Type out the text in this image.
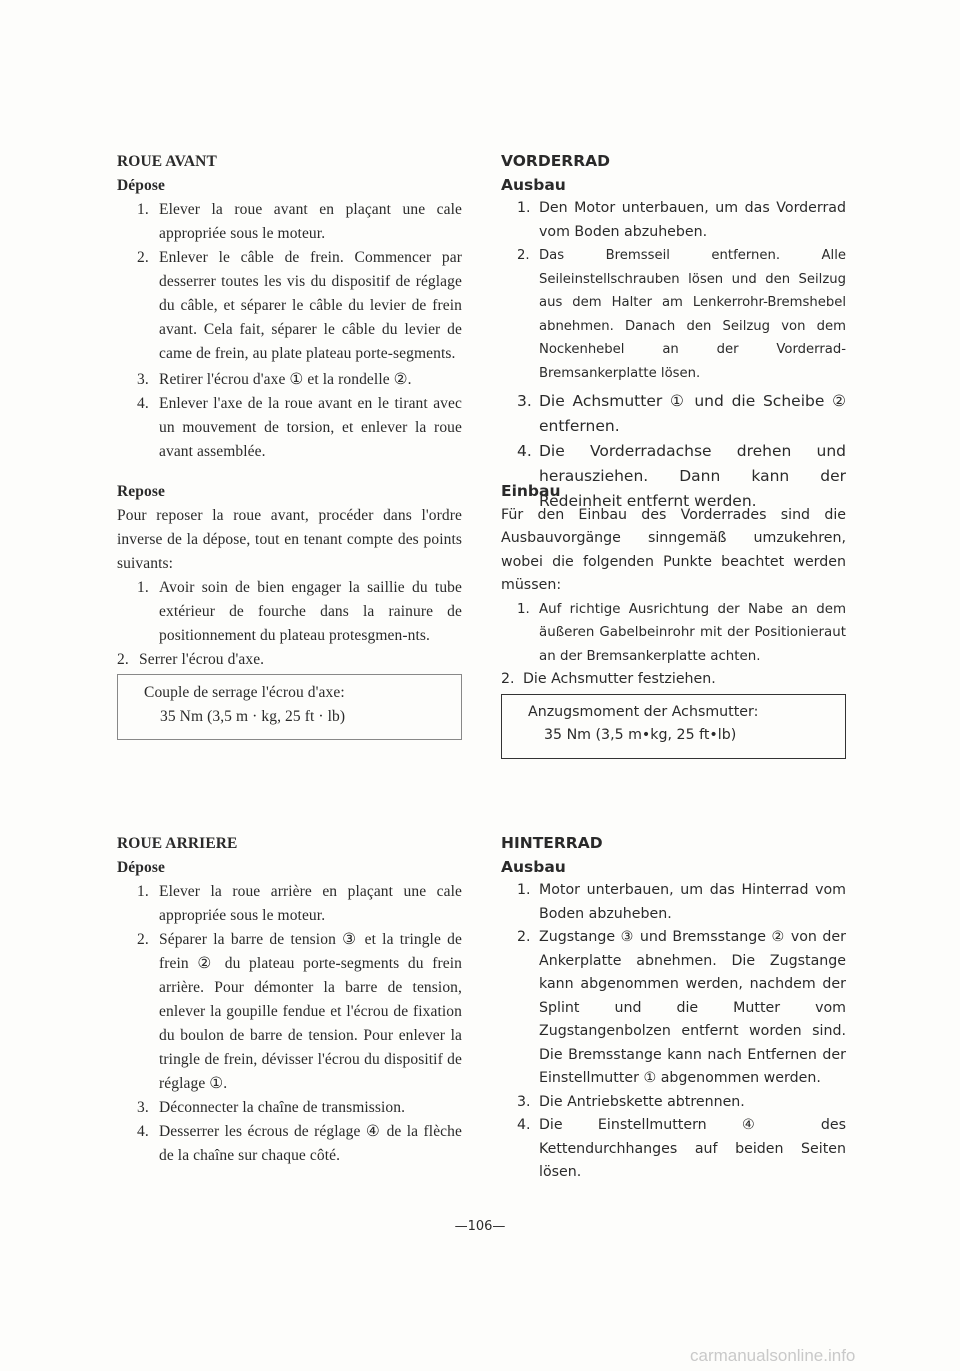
ROUE AVANT

Dépose

1. Elever la roue avant en plaçant une cale appropriée sous le moteur.
2. Enlever le câble de frein. Commencer par desserrer toutes les vis du dispositif de réglage du câble, et séparer le câble du levier de frein avant. Cela fait, séparer le câble du levier de came de frein, au plate plateau porte-segments.
3. Retirer l'écrou d'axe ① et la rondelle ②.
4. Enlever l'axe de la roue avant en le tirant avec un mouvement de torsion, et enlever la roue avant assemblée.

Repose

Pour reposer la roue avant, procéder dans l'ordre inverse de la dépose, tout en tenant compte des points suivants:

1. Avoir soin de bien engager la saillie du tube extérieur de fourche dans la rainure de positionnement du plateau protesgmen-nts.
2. Serrer l'écrou d'axe.
Couple de serrage l'écrou d'axe:
35 Nm (3,5 m · kg, 25 ft · lb)

VORDERRAD

Ausbau

1. Den Motor unterbauen, um das Vorderrad vom Boden abzuheben.
2. Das Bremsseil entfernen. Alle Seileinstellschrauben lösen und den Seilzug aus dem Halter am Lenkerrohr-Bremshebel abnehmen. Danach den Seilzug von dem Nockenhebel an der Vorderrad-Bremsankerplatte lösen.
3. Die Achsmutter ① und die Scheibe ② entfernen.
4. Die Vorderradachse drehen und herausziehen. Dann kann der Redeinheit entfernt werden.

Einbau

Für den Einbau des Vorderrades sind die Ausbauvorgänge sinngemäß umzukehren, wobei die folgenden Punkte beachtet werden müssen:

1. Auf richtige Ausrichtung der Nabe an dem äußeren Gabelbeinrohr mit der Positionieraut an der Bremsankerplatte achten.
2. Die Achsmutter festziehen.
Anzugsmoment der Achsmutter:
35 Nm (3,5 m•kg, 25 ft•lb)

ROUE ARRIERE

Dépose

1. Elever la roue arrière en plaçant une cale appropriée sous le moteur.
2. Séparer la barre de tension ③ et la tringle de frein ② du plateau porte-segments du frein arrière. Pour démonter la barre de tension, enlever la goupille fendue et l'écrou de fixation du boulon de barre de tension. Pour enlever la tringle de frein, dévisser l'écrou du dispositif de réglage ①.
3. Déconnecter la chaîne de transmission.
4. Desserrer les écrous de réglage ④ de la flèche de la chaîne sur chaque côté.

HINTERRAD

Ausbau

1. Motor unterbauen, um das Hinterrad vom Boden abzuheben.
2. Zugstange ③ und Bremsstange ② von der Ankerplatte abnehmen. Die Zugstange kann abgenommen werden, nachdem der Splint und die Mutter vom Zugstangenbolzen entfernt worden sind. Die Bremsstange kann nach Entfernen der Einstellmutter ① abgenommen werden.
3. Die Antriebskette abtrennen.
4. Die Einstellmuttern ④ des Kettendurchhanges auf beiden Seiten lösen.
—106—
carmanualsonline.info
